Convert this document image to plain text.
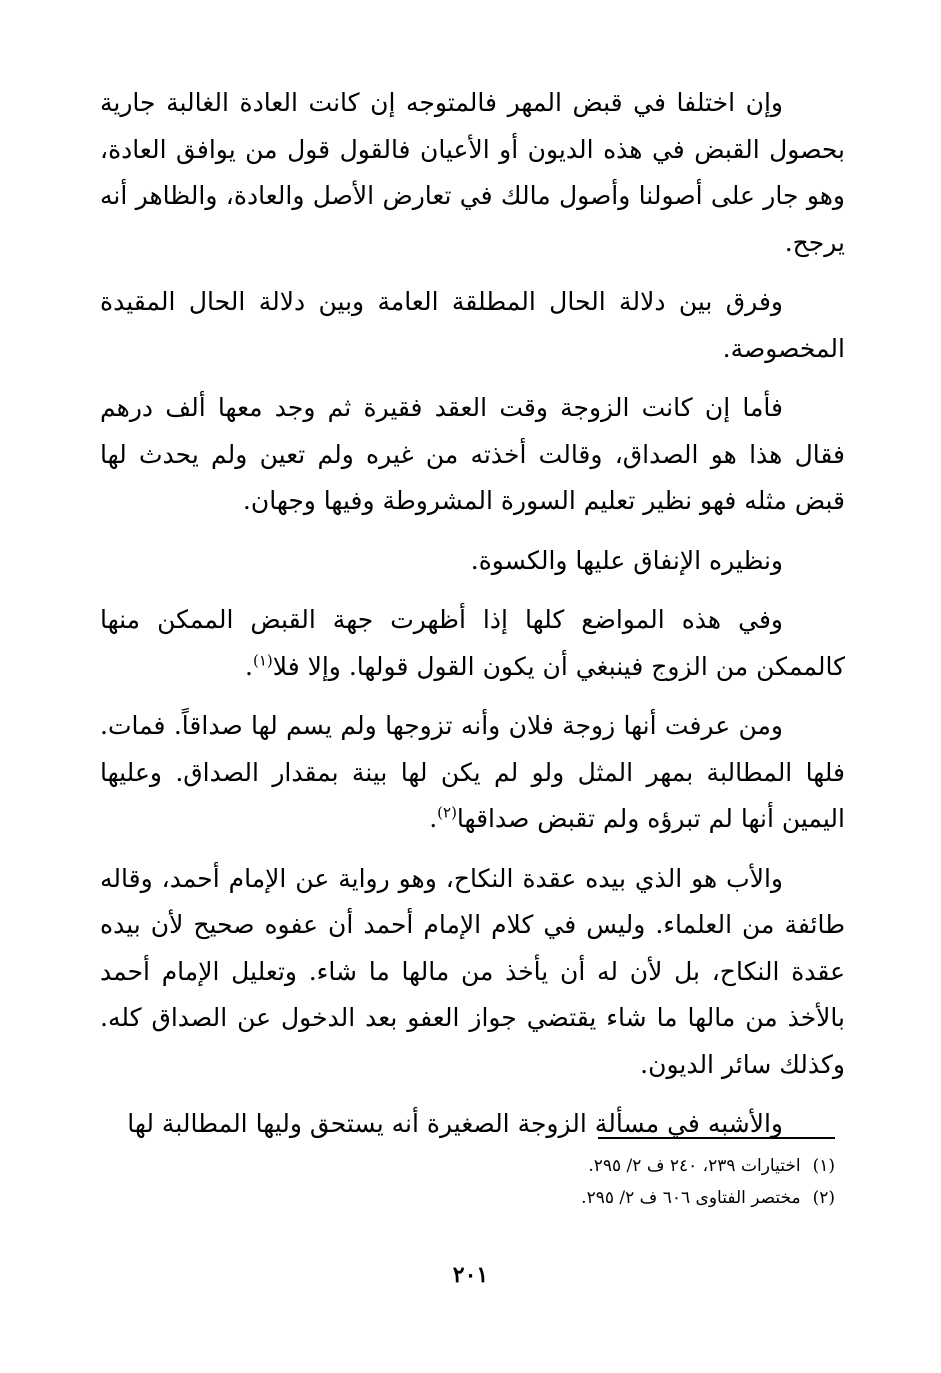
وإن اختلفا في قبض المهر فالمتوجه إن كانت العادة الغالبة جارية بحصول القبض في هذه الديون أو الأعيان فالقول قول من يوافق العادة، وهو جار على أصولنا وأصول مالك في تعارض الأصل والعادة، والظاهر أنه يرجح.

وفرق بين دلالة الحال المطلقة العامة وبين دلالة الحال المقيدة المخصوصة.

فأما إن كانت الزوجة وقت العقد فقيرة ثم وجد معها ألف درهم فقال هذا هو الصداق، وقالت أخذته من غيره ولم تعين ولم يحدث لها قبض مثله فهو نظير تعليم السورة المشروطة وفيها وجهان.

ونظيره الإنفاق عليها والكسوة.

وفي هذه المواضع كلها إذا أظهرت جهة القبض الممكن منها كالممكن من الزوج فينبغي أن يكون القول قولها. وإلا فلا$^{(١)}$.

ومن عرفت أنها زوجة فلان وأنه تزوجها ولم يسم لها صداقاً. فمات. فلها المطالبة بمهر المثل ولو لم يكن لها بينة بمقدار الصداق. وعليها اليمين أنها لم تبرؤه ولم تقبض صداقها$^{(٢)}$.

والأب هو الذي بيده عقدة النكاح، وهو رواية عن الإمام أحمد، وقاله طائفة من العلماء. وليس في كلام الإمام أحمد أن عفوه صحيح لأن بيده عقدة النكاح، بل لأن له أن يأخذ من مالها ما شاء. وتعليل الإمام أحمد بالأخذ من مالها ما شاء يقتضي جواز العفو بعد الدخول عن الصداق كله. وكذلك سائر الديون.

والأشبه في مسألة الزوجة الصغيرة أنه يستحق وليها المطالبة لها

(١)اختيارات ٢٣٩، ٢٤٠ ف ٢/ ٢٩٥.
(٢)مختصر الفتاوى ٦٠٦ ف ٢/ ٢٩٥.
٢٠١
